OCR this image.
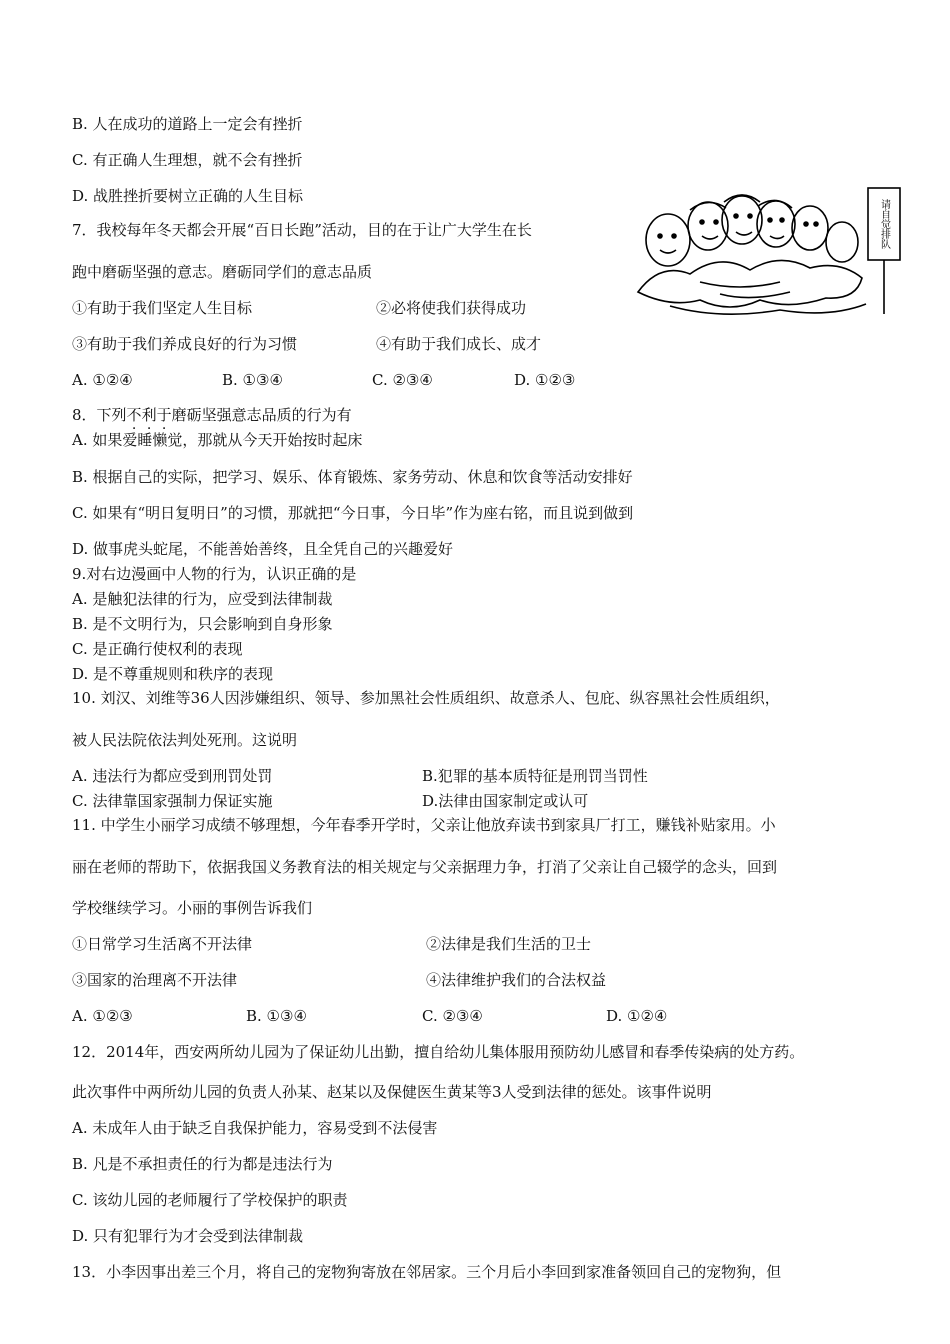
B. 人在成功的道路上一定会有挫折
C. 有正确人生理想，就不会有挫折
D. 战胜挫折要树立正确的人生目标
7．我校每年冬天都会开展“百日长跑”活动，目的在于让广大学生在长
跑中磨砺坚强的意志。磨砺同学们的意志品质
①有助于我们坚定人生目标	②必将使我们获得成功
③有助于我们养成良好的行为习惯	④有助于我们成长、成才
A. ①②④	B. ①③④	C. ②③④	D. ①②③
请自觉排队
8．下列不利于磨砺坚强意志品质的行为有
A. 如果爱睡懒觉，那就从今天开始按时起床
B. 根据自己的实际，把学习、娱乐、体育锻炼、家务劳动、休息和饮食等活动安排好
C. 如果有“明日复明日”的习惯，那就把“今日事，今日毕”作为座右铭，而且说到做到
D. 做事虎头蛇尾，不能善始善终，且全凭自己的兴趣爱好
9.对右边漫画中人物的行为，认识正确的是
A. 是触犯法律的行为，应受到法律制裁
B. 是不文明行为，只会影响到自身形象
C. 是正确行使权利的表现
D. 是不尊重规则和秩序的表现
10. 刘汉、刘维等36人因涉嫌组织、领导、参加黑社会性质组织、故意杀人、包庇、纵容黑社会性质组织，
被人民法院依法判处死刑。这说明
A. 违法行为都应受到刑罚处罚	B.犯罪的基本质特征是刑罚当罚性
C. 法律靠国家强制力保证实施	D.法律由国家制定或认可
11. 中学生小丽学习成绩不够理想，今年春季开学时，父亲让他放弃读书到家具厂打工，赚钱补贴家用。小
丽在老师的帮助下，依据我国义务教育法的相关规定与父亲据理力争，打消了父亲让自己辍学的念头，回到
学校继续学习。小丽的事例告诉我们
①日常学习生活离不开法律	②法律是我们生活的卫士
③国家的治理离不开法律	④法律维护我们的合法权益
A. ①②③	B. ①③④	C. ②③④	D. ①②④
12．2014年，西安两所幼儿园为了保证幼儿出勤，擅自给幼儿集体服用预防幼儿感冒和春季传染病的处方药。
此次事件中两所幼儿园的负责人孙某、赵某以及保健医生黄某等3人受到法律的惩处。该事件说明
A. 未成年人由于缺乏自我保护能力，容易受到不法侵害
B. 凡是不承担责任的行为都是违法行为
C. 该幼儿园的老师履行了学校保护的职责
D. 只有犯罪行为才会受到法律制裁
13．小李因事出差三个月，将自己的宠物狗寄放在邻居家。三个月后小李回到家准备领回自己的宠物狗，但
